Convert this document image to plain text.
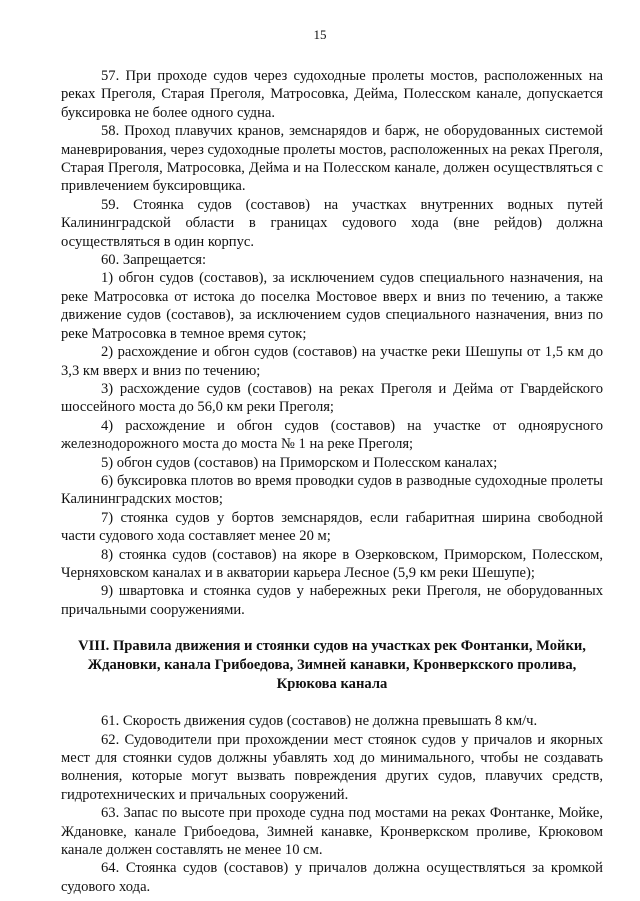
15

57. При проходе судов через судоходные пролеты мостов, расположенных на реках Преголя, Старая Преголя, Матросовка, Дейма, Полесском канале, допускается буксировка не более одного судна.

58. Проход плавучих кранов, земснарядов и барж, не оборудованных системой маневрирования, через судоходные пролеты мостов, расположенных на реках Преголя, Старая Преголя, Матросовка, Дейма и на Полесском канале, должен осуществляться с привлечением буксировщика.

59. Стоянка судов (составов) на участках внутренних водных путей Калининградской области в границах судового хода (вне рейдов) должна осуществляться в один корпус.

60. Запрещается:

1) обгон судов (составов), за исключением судов специального назначения, на реке Матросовка от истока до поселка Мостовое вверх и вниз по течению, а также движение судов (составов), за исключением судов специального назначения, вниз по реке Матросовка в темное время суток;

2) расхождение и обгон судов (составов) на участке реки Шешупы от 1,5 км до 3,3 км вверх и вниз по течению;

3) расхождение судов (составов) на реках Преголя и Дейма от Гвардейского шоссейного моста до 56,0 км реки Преголя;

4) расхождение и обгон судов (составов) на участке от одноярусного железнодорожного моста до моста № 1 на реке Преголя;

5) обгон судов (составов) на Приморском и Полесском каналах;

6) буксировка плотов во время проводки судов в разводные судоходные пролеты Калининградских мостов;

7) стоянка судов у бортов земснарядов, если габаритная ширина свободной части судового хода составляет менее 20 м;

8) стоянка судов (составов) на якоре в Озерковском, Приморском, Полесском, Черняховском каналах и в акватории карьера Лесное (5,9 км реки Шешупе);

9) швартовка и стоянка судов у набережных реки Преголя, не оборудованных причальными сооружениями.

VIII. Правила движения и стоянки судов на участках рек Фонтанки, Мойки, Ждановки, канала Грибоедова, Зимней канавки, Кронверкского пролива, Крюкова канала

61. Скорость движения судов (составов) не должна превышать 8 км/ч.

62. Судоводители при прохождении мест стоянок судов у причалов и якорных мест для стоянки судов должны убавлять ход до минимального, чтобы не создавать волнения, которые могут вызвать повреждения других судов, плавучих средств, гидротехнических и причальных сооружений.

63. Запас по высоте при проходе судна под мостами на реках Фонтанке, Мойке, Ждановке, канале Грибоедова, Зимней канавке, Кронверкском проливе, Крюковом канале должен составлять не менее 10 см.

64. Стоянка судов (составов) у причалов должна осуществляться за кромкой судового хода.
